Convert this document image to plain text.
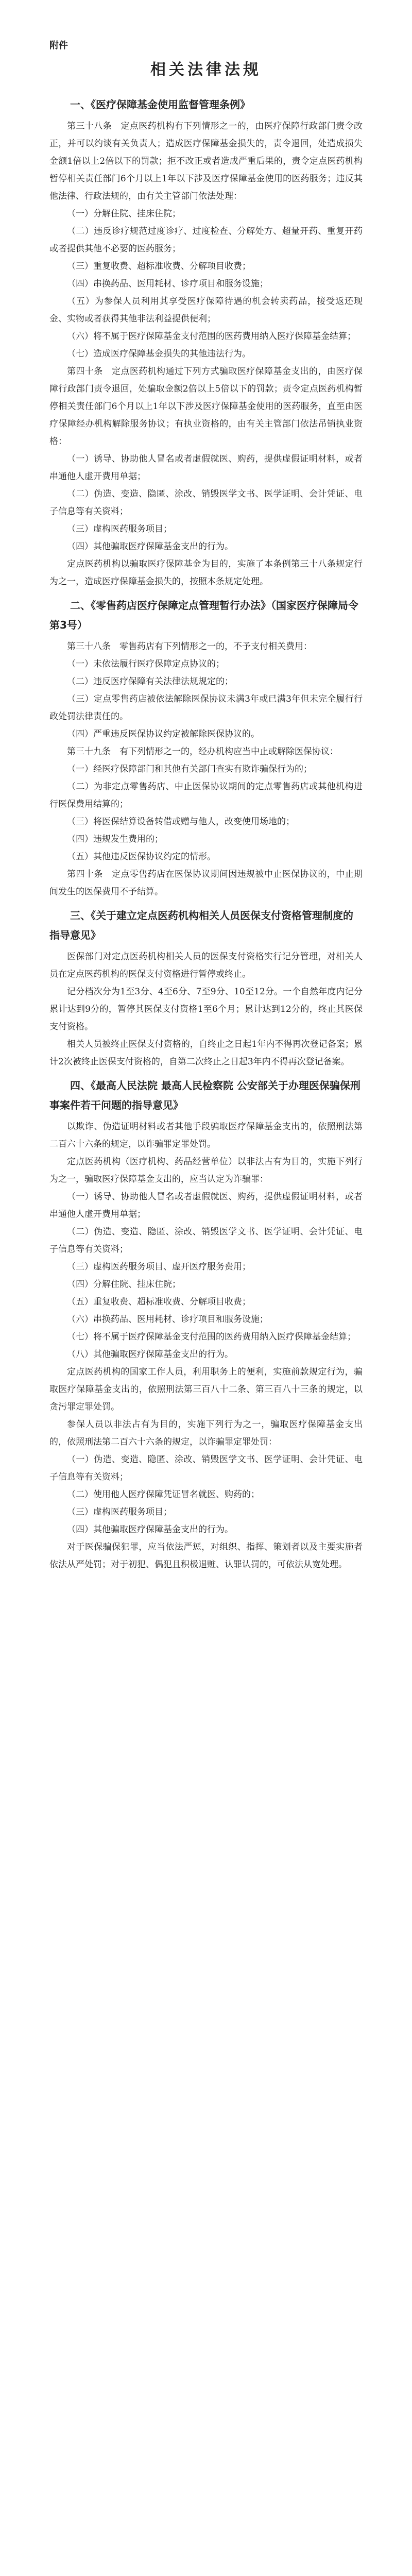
附件
相关法律法规
一、《医疗保障基金使用监督管理条例》

第三十八条　定点医药机构有下列情形之一的，由医疗保障行政部门责令改正，并可以约谈有关负责人；造成医疗保障基金损失的，责令退回，处造成损失金额1倍以上2倍以下的罚款；拒不改正或者造成严重后果的，责令定点医药机构暂停相关责任部门6个月以上1年以下涉及医疗保障基金使用的医药服务；违反其他法律、行政法规的，由有关主管部门依法处理：

（一）分解住院、挂床住院；

（二）违反诊疗规范过度诊疗、过度检查、分解处方、超量开药、重复开药或者提供其他不必要的医药服务；

（三）重复收费、超标准收费、分解项目收费；

（四）串换药品、医用耗材、诊疗项目和服务设施；

（五）为参保人员利用其享受医疗保障待遇的机会转卖药品，接受返还现金、实物或者获得其他非法利益提供便利；

（六）将不属于医疗保障基金支付范围的医药费用纳入医疗保障基金结算；

（七）造成医疗保障基金损失的其他违法行为。

第四十条　定点医药机构通过下列方式骗取医疗保障基金支出的，由医疗保障行政部门责令退回，处骗取金额2倍以上5倍以下的罚款；责令定点医药机构暂停相关责任部门6个月以上1年以下涉及医疗保障基金使用的医药服务，直至由医疗保障经办机构解除服务协议；有执业资格的，由有关主管部门依法吊销执业资格：

（一）诱导、协助他人冒名或者虚假就医、购药，提供虚假证明材料，或者串通他人虚开费用单据；

（二）伪造、变造、隐匿、涂改、销毁医学文书、医学证明、会计凭证、电子信息等有关资料；

（三）虚构医药服务项目；

（四）其他骗取医疗保障基金支出的行为。

定点医药机构以骗取医疗保障基金为目的，实施了本条例第三十八条规定行为之一，造成医疗保障基金损失的，按照本条规定处理。

二、《零售药店医疗保障定点管理暂行办法》（国家医疗保障局令第3号）

第三十八条　零售药店有下列情形之一的，不予支付相关费用：

（一）未依法履行医疗保障定点协议的；

（二）违反医疗保障有关法律法规规定的；

（三）定点零售药店被依法解除医保协议未满3年或已满3年但未完全履行行政处罚法律责任的。

（四）严重违反医保协议约定被解除医保协议的。

第三十九条　有下列情形之一的，经办机构应当中止或解除医保协议：

（一）经医疗保障部门和其他有关部门查实有欺诈骗保行为的；

（二）为非定点零售药店、中止医保协议期间的定点零售药店或其他机构进行医保费用结算的；

（三）将医保结算设备转借或赠与他人，改变使用场地的；

（四）违规发生费用的；

（五）其他违反医保协议约定的情形。

第四十条　定点零售药店在医保协议期间因违规被中止医保协议的，中止期间发生的医保费用不予结算。

三、《关于建立定点医药机构相关人员医保支付资格管理制度的指导意见》

医保部门对定点医药机构相关人员的医保支付资格实行记分管理，对相关人员在定点医药机构的医保支付资格进行暂停或终止。

记分档次分为1至3分、4至6分、7至9分、10至12分。一个自然年度内记分累计达到9分的，暂停其医保支付资格1至6个月；累计达到12分的，终止其医保支付资格。

相关人员被终止医保支付资格的，自终止之日起1年内不得再次登记备案；累计2次被终止医保支付资格的，自第二次终止之日起3年内不得再次登记备案。

四、《最高人民法院 最高人民检察院 公安部关于办理医保骗保刑事案件若干问题的指导意见》

以欺诈、伪造证明材料或者其他手段骗取医疗保障基金支出的，依照刑法第二百六十六条的规定，以诈骗罪定罪处罚。

定点医药机构（医疗机构、药品经营单位）以非法占有为目的，实施下列行为之一，骗取医疗保障基金支出的，应当认定为诈骗罪：

（一）诱导、协助他人冒名或者虚假就医、购药，提供虚假证明材料，或者串通他人虚开费用单据；

（二）伪造、变造、隐匿、涂改、销毁医学文书、医学证明、会计凭证、电子信息等有关资料；

（三）虚构医药服务项目、虚开医疗服务费用；

（四）分解住院、挂床住院；

（五）重复收费、超标准收费、分解项目收费；

（六）串换药品、医用耗材、诊疗项目和服务设施；

（七）将不属于医疗保障基金支付范围的医药费用纳入医疗保障基金结算；

（八）其他骗取医疗保障基金支出的行为。

定点医药机构的国家工作人员，利用职务上的便利，实施前款规定行为，骗取医疗保障基金支出的，依照刑法第三百八十二条、第三百八十三条的规定，以贪污罪定罪处罚。

参保人员以非法占有为目的，实施下列行为之一，骗取医疗保障基金支出的，依照刑法第二百六十六条的规定，以诈骗罪定罪处罚：

（一）伪造、变造、隐匿、涂改、销毁医学文书、医学证明、会计凭证、电子信息等有关资料；

（二）使用他人医疗保障凭证冒名就医、购药的；

（三）虚构医药服务项目；

（四）其他骗取医疗保障基金支出的行为。

对于医保骗保犯罪，应当依法严惩，对组织、指挥、策划者以及主要实施者依法从严处罚；对于初犯、偶犯且积极退赃、认罪认罚的，可依法从宽处理。
